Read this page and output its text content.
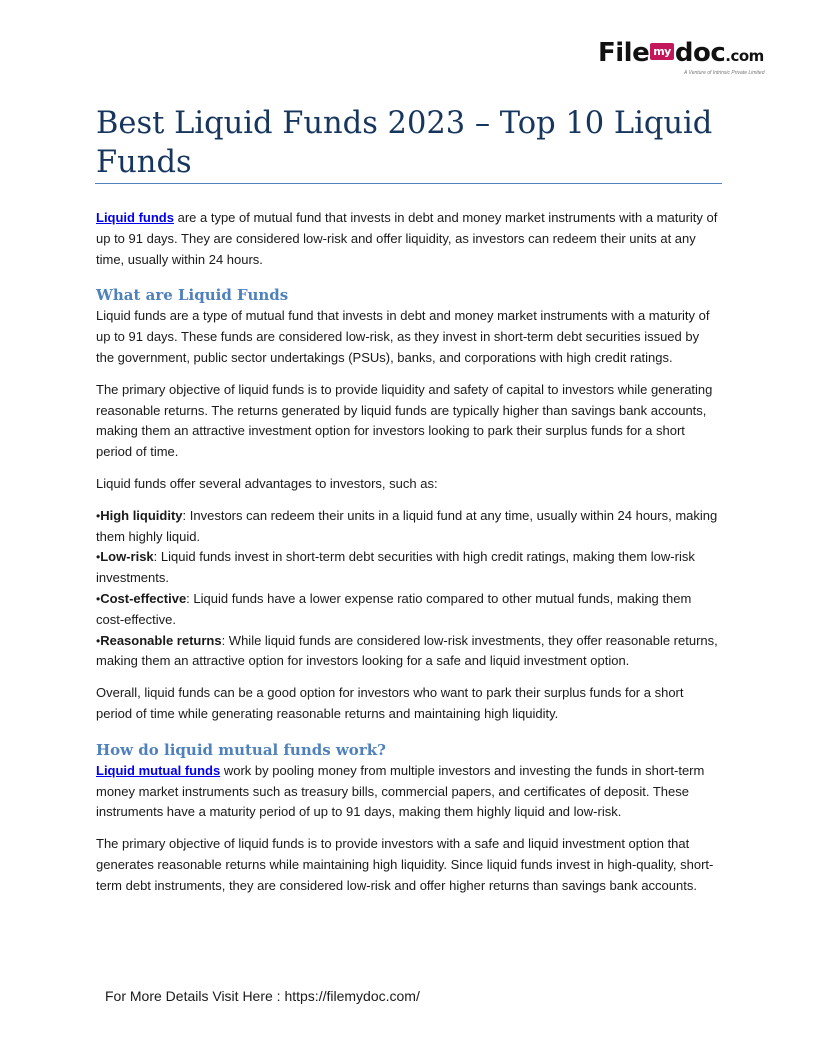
File my doc.com
A Venture of Intrinsic Private Limited
Best Liquid Funds 2023 – Top 10 Liquid Funds

Liquid funds are a type of mutual fund that invests in debt and money market instruments with a maturity of up to 91 days. They are considered low-risk and offer liquidity, as investors can redeem their units at any time, usually within 24 hours.

What are Liquid Funds

Liquid funds are a type of mutual fund that invests in debt and money market instruments with a maturity of up to 91 days. These funds are considered low-risk, as they invest in short-term debt securities issued by the government, public sector undertakings (PSUs), banks, and corporations with high credit ratings.

The primary objective of liquid funds is to provide liquidity and safety of capital to investors while generating reasonable returns. The returns generated by liquid funds are typically higher than savings bank accounts, making them an attractive investment option for investors looking to park their surplus funds for a short period of time.

Liquid funds offer several advantages to investors, such as:

•High liquidity: Investors can redeem their units in a liquid fund at any time, usually within 24 hours, making them highly liquid.
•Low-risk: Liquid funds invest in short-term debt securities with high credit ratings, making them low-risk investments.
•Cost-effective: Liquid funds have a lower expense ratio compared to other mutual funds, making them cost-effective.
•Reasonable returns: While liquid funds are considered low-risk investments, they offer reasonable returns, making them an attractive option for investors looking for a safe and liquid investment option.

Overall, liquid funds can be a good option for investors who want to park their surplus funds for a short period of time while generating reasonable returns and maintaining high liquidity.

How do liquid mutual funds work?

Liquid mutual funds work by pooling money from multiple investors and investing the funds in short-term money market instruments such as treasury bills, commercial papers, and certificates of deposit. These instruments have a maturity period of up to 91 days, making them highly liquid and low-risk.

The primary objective of liquid funds is to provide investors with a safe and liquid investment option that generates reasonable returns while maintaining high liquidity. Since liquid funds invest in high-quality, short-term debt instruments, they are considered low-risk and offer higher returns than savings bank accounts.

For More Details Visit Here : https://filemydoc.com/
